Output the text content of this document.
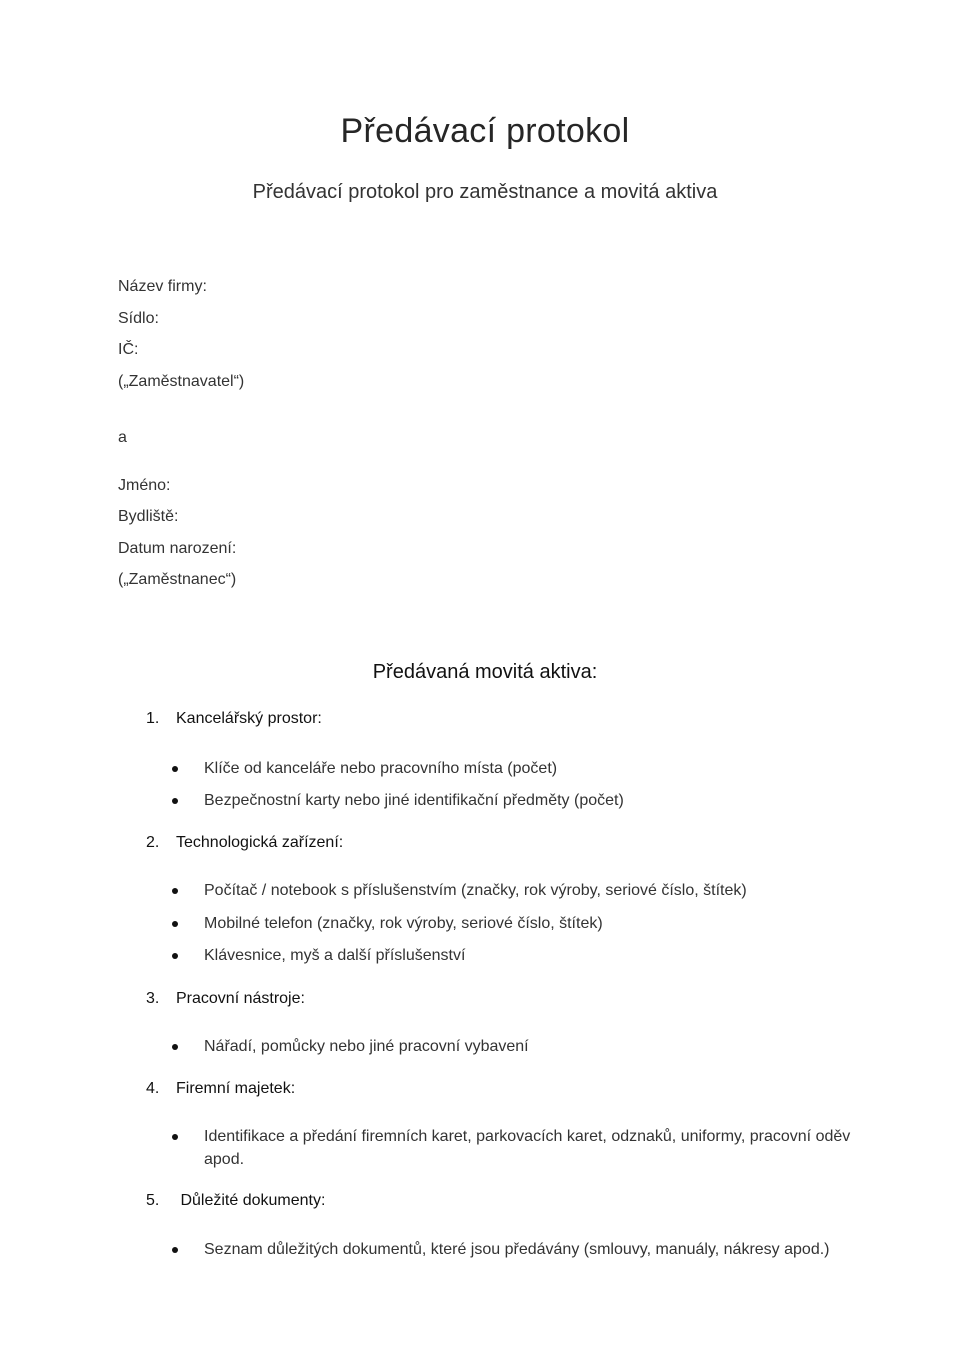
Předávací protokol
Předávací protokol pro zaměstnance a movitá aktiva
Název firmy:
Sídlo:
IČ:
(„Zaměstnavatel“)
a
Jméno:
Bydliště:
Datum narození:
(„Zaměstnanec“)
Předávaná movitá aktiva:
1. Kancelářský prostor:
Klíče od kanceláře nebo pracovního místa (počet)
Bezpečnostní karty nebo jiné identifikační předměty (počet)
2. Technologická zařízení:
Počítač / notebook s příslušenstvím (značky, rok výroby, seriové číslo, štítek)
Mobilné telefon (značky, rok výroby, seriové číslo, štítek)
Klávesnice, myš a další příslušenství
3. Pracovní nástroje:
Nářadí, pomůcky nebo jiné pracovní vybavení
4. Firemní majetek:
Identifikace a předání firemních karet, parkovacích karet, odznaků, uniformy, pracovní oděv apod.
5. Důležité dokumenty:
Seznam důležitých dokumentů, které jsou předávány (smlouvy, manuály, nákresy apod.)
